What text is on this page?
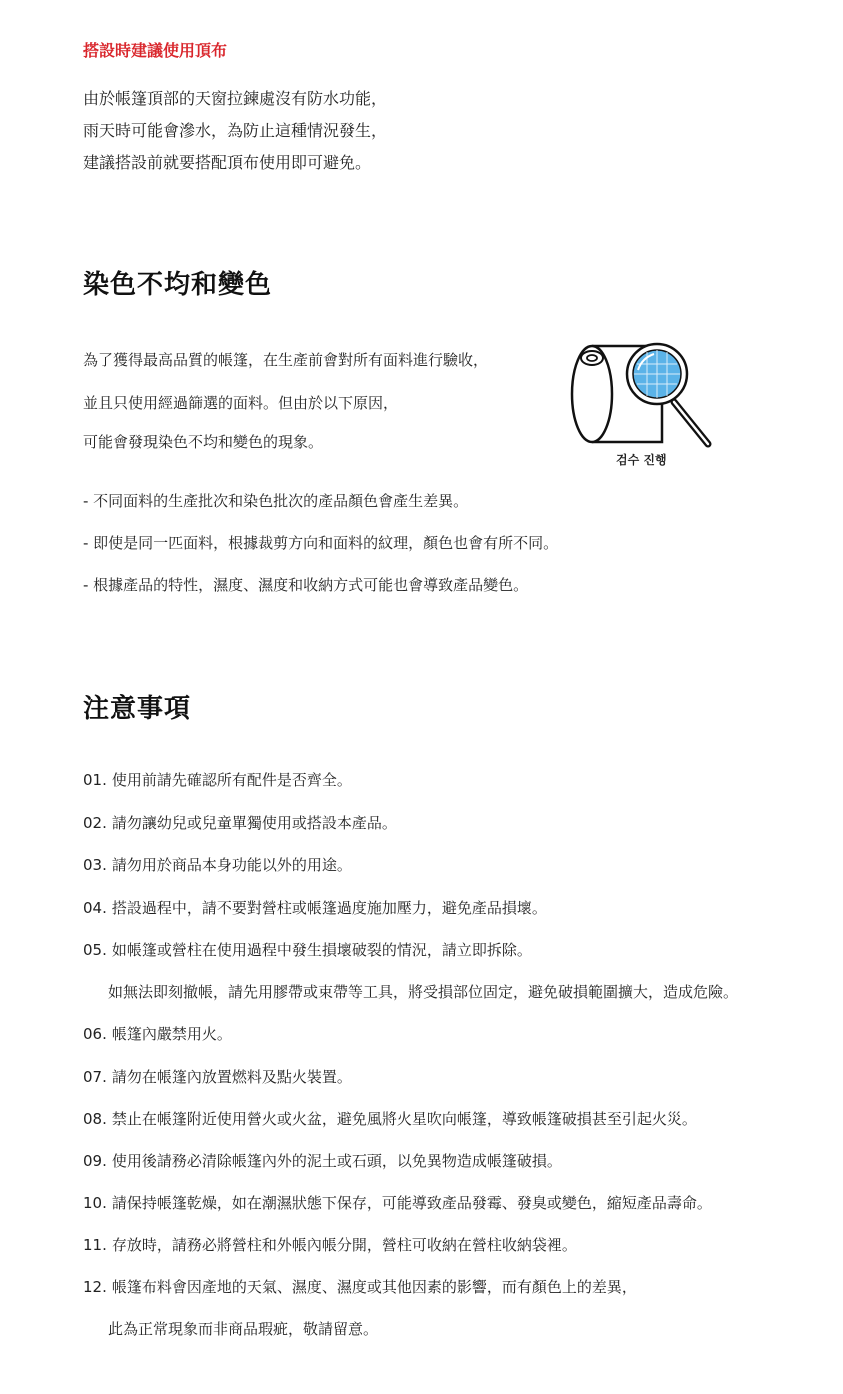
搭設時建議使用頂布
由於帳篷頂部的天窗拉鍊處沒有防水功能，
雨天時可能會滲水，為防止這種情況發生，
建議搭設前就要搭配頂布使用即可避免。
染色不均和變色
為了獲得最高品質的帳篷，在生產前會對所有面料進行驗收，
並且只使用經過篩選的面料。但由於以下原因，
可能會發現染色不均和變色的現象。
검수 진행
- 不同面料的生產批次和染色批次的產品顏色會產生差異。
- 即使是同一匹面料，根據裁剪方向和面料的紋理，顏色也會有所不同。
- 根據產品的特性，濕度、濕度和收納方式可能也會導致產品變色。
注意事項
01. 使用前請先確認所有配件是否齊全。
02. 請勿讓幼兒或兒童單獨使用或搭設本產品。
03. 請勿用於商品本身功能以外的用途。
04. 搭設過程中，請不要對營柱或帳篷過度施加壓力，避免產品損壞。
05. 如帳篷或營柱在使用過程中發生損壞破裂的情況，請立即拆除。
如無法即刻撤帳，請先用膠帶或束帶等工具，將受損部位固定，避免破損範圍擴大，造成危險。
06. 帳篷內嚴禁用火。
07. 請勿在帳篷內放置燃料及點火裝置。
08. 禁止在帳篷附近使用營火或火盆，避免風將火星吹向帳篷，導致帳篷破損甚至引起火災。
09. 使用後請務必清除帳篷內外的泥土或石頭，以免異物造成帳篷破損。
10. 請保持帳篷乾燥，如在潮濕狀態下保存，可能導致產品發霉、發臭或變色，縮短產品壽命。
11. 存放時，請務必將營柱和外帳內帳分開，營柱可收納在營柱收納袋裡。
12. 帳篷布料會因產地的天氣、濕度、濕度或其他因素的影響，而有顏色上的差異，
此為正常現象而非商品瑕疵，敬請留意。
